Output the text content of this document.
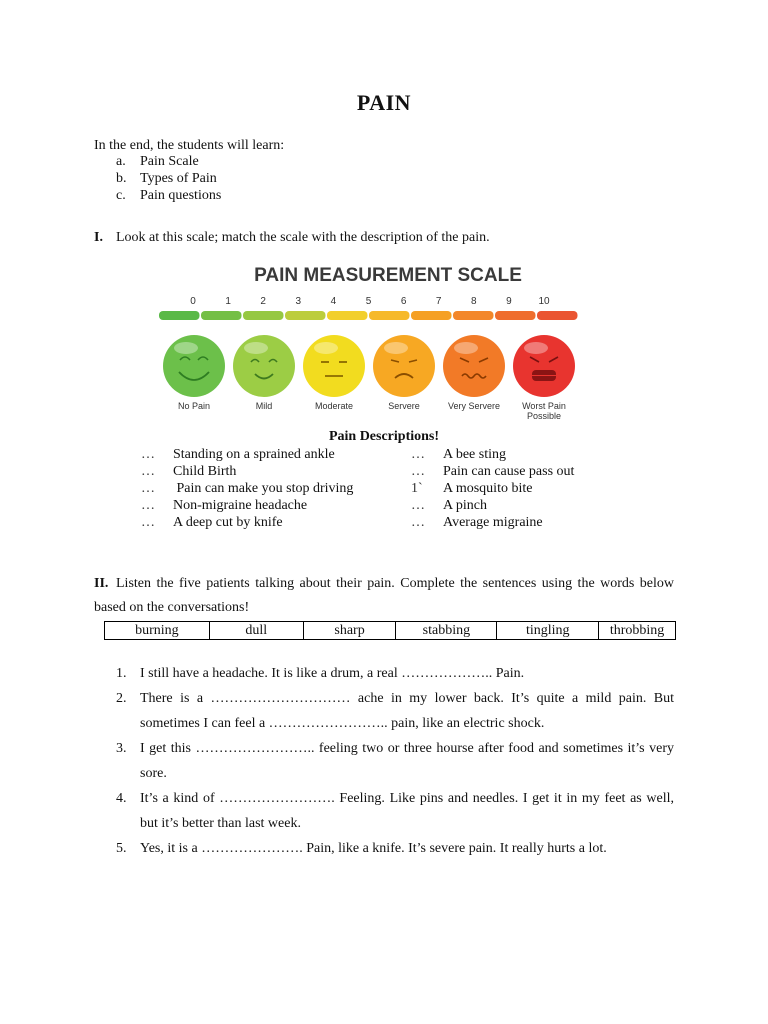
PAIN
In the end, the students will learn:
a. Pain Scale
b. Types of Pain
c. Pain questions
I. Look at this scale; match the scale with the description of the pain.
PAIN MEASUREMENT SCALE
0	1	2	3	4	5	6	7	8	9	10
No Pain	Mild	Moderate	Servere	Very Servere Worst Pain
Possible
Pain Descriptions!
… Standing on a sprained ankle
… Child Birth
… Pain can make you stop driving
… Non-migraine headache
… A deep cut by knife
… A bee sting
… Pain can cause pass out
1` A mosquito bite
… A pinch
… Average migraine
II. Listen the five patients talking about their pain. Complete the sentences using the words below based on the conversations!
burning	dull	sharp	stabbing	tingling	throbbing
1. I still have a headache. It is like a drum, a real ……………….. Pain.
2. There is a ………………………… ache in my lower back. It’s quite a mild pain. But sometimes I can feel a …………………….. pain, like an electric shock.
3. I get this …………………….. feeling two or three hourse after food and sometimes it’s very sore.
4. It’s a kind of ……………………. Feeling. Like pins and needles. I get it in my feet as well, but it’s better than last week.
5. Yes, it is a …………………. Pain, like a knife. It’s severe pain. It really hurts a lot.
